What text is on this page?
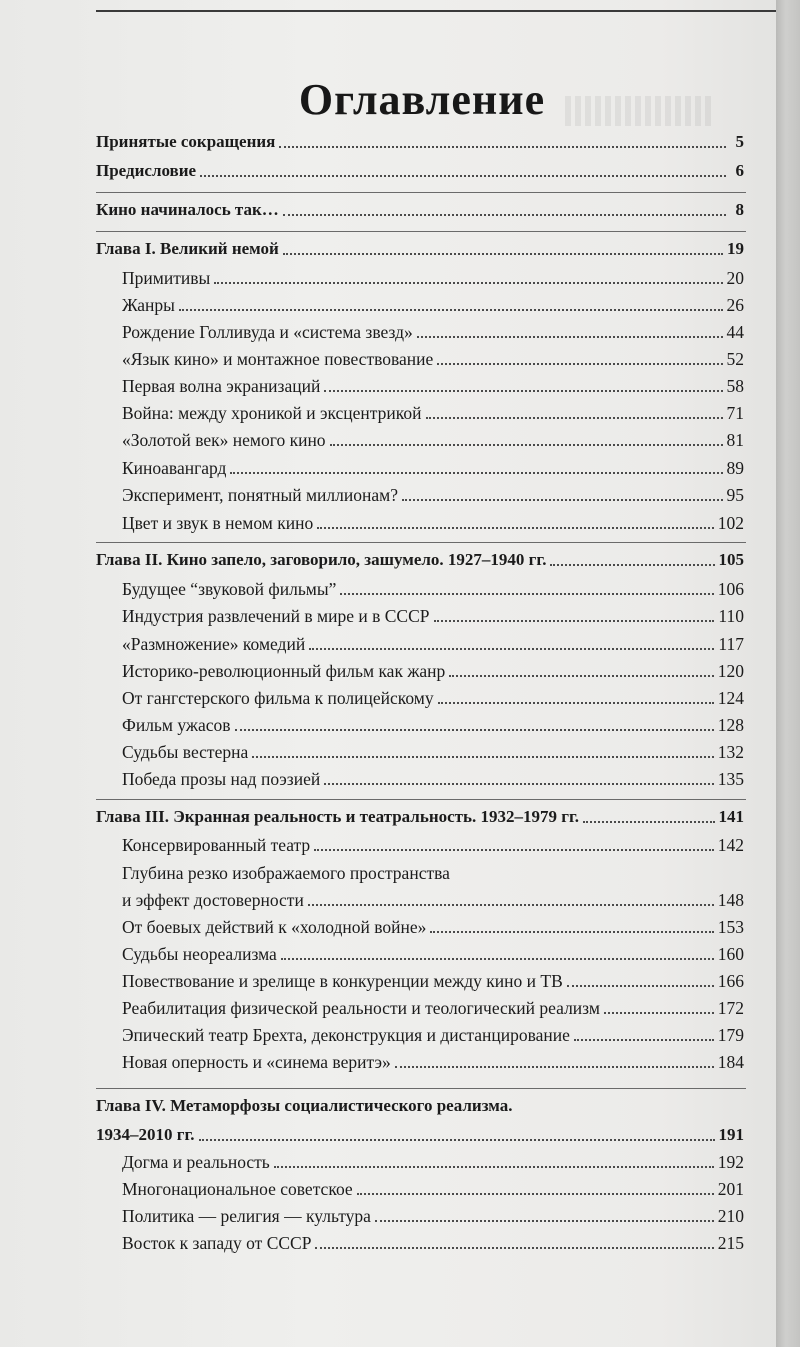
Оглавление
Принятые сокращения	5
Предисловие	6
Кино начиналось так…	8
Глава I. Великий немой	19
Примитивы	20
Жанры	26
Рождение Голливуда и «система звезд»	44
«Язык кино» и монтажное повествование	52
Первая волна экранизаций	58
Война: между хроникой и эксцентрикой	71
«Золотой век» немого кино	81
Киноавангард	89
Эксперимент, понятный миллионам?	95
Цвет и звук в немом кино	102
Глава II. Кино запело, заговорило, зашумело. 1927–1940 гг.	105
Будущее “звуковой фильмы”	106
Индустрия развлечений в мире и в СССР	110
«Размножение» комедий	117
Историко-революционный фильм как жанр	120
От гангстерского фильма к полицейскому	124
Фильм ужасов	128
Судьбы вестерна	132
Победа прозы над поэзией	135
Глава III. Экранная реальность и театральность. 1932–1979 гг.	141
Консервированный театр	142
Глубина резко изображаемого пространства
и эффект достоверности	148
От боевых действий к «холодной войне»	153
Судьбы неореализма	160
Повествование и зрелище в конкуренции между кино и ТВ	166
Реабилитация физической реальности и теологический реализм	172
Эпический театр Брехта, деконструкция и дистанцирование	179
Новая оперность и «синема веритэ»	184
Глава IV. Метаморфозы социалистического реализма.
1934–2010 гг.	191
Догма и реальность	192
Многонациональное советское	201
Политика — религия — культура	210
Восток к западу от СССР	215
